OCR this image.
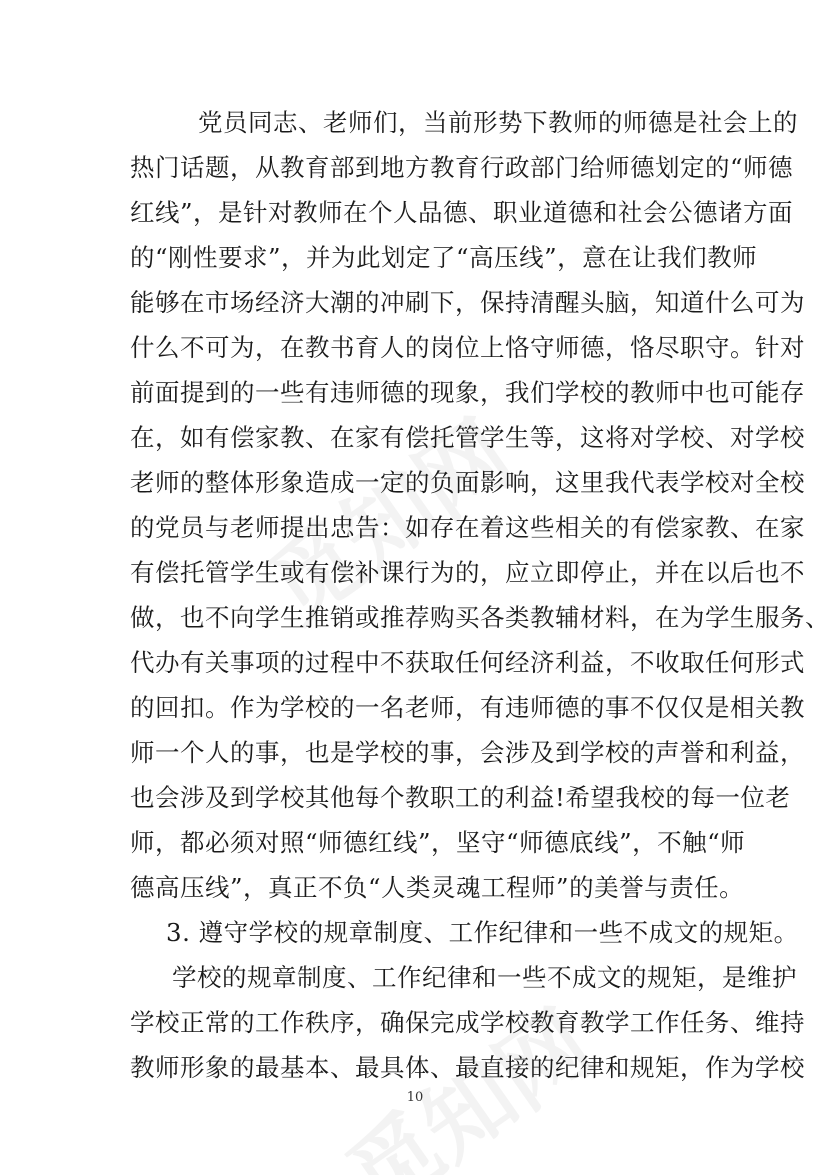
党员同志、老师们，当前形势下教师的师德是社会上的
热门话题，从教育部到地方教育行政部门给师德划定的“师德
红线”，是针对教师在个人品德、职业道德和社会公德诸方面
的“刚性要求”，并为此划定了“高压线”，意在让我们教师
能够在市场经济大潮的冲刷下，保持清醒头脑，知道什么可为
什么不可为，在教书育人的岗位上恪守师德，恪尽职守。针对
前面提到的一些有违师德的现象，我们学校的教师中也可能存
在，如有偿家教、在家有偿托管学生等，这将对学校、对学校
老师的整体形象造成一定的负面影响，这里我代表学校对全校
的党员与老师提出忠告：如存在着这些相关的有偿家教、在家
有偿托管学生或有偿补课行为的，应立即停止，并在以后也不
做，也不向学生推销或推荐购买各类教辅材料，在为学生服务、
代办有关事项的过程中不获取任何经济利益，不收取任何形式
的回扣。作为学校的一名老师，有违师德的事不仅仅是相关教
师一个人的事，也是学校的事，会涉及到学校的声誉和利益，
也会涉及到学校其他每个教职工的利益!希望我校的每一位老
师，都必须对照“师德红线”，坚守“师德底线”，不触“师
德高压线”，真正不负“人类灵魂工程师”的美誉与责任。
3. 遵守学校的规章制度、工作纪律和一些不成文的规矩。
学校的规章制度、工作纪律和一些不成文的规矩，是维护
学校正常的工作秩序，确保完成学校教育教学工作任务、维持
教师形象的最基本、最具体、最直接的纪律和规矩，作为学校
10
